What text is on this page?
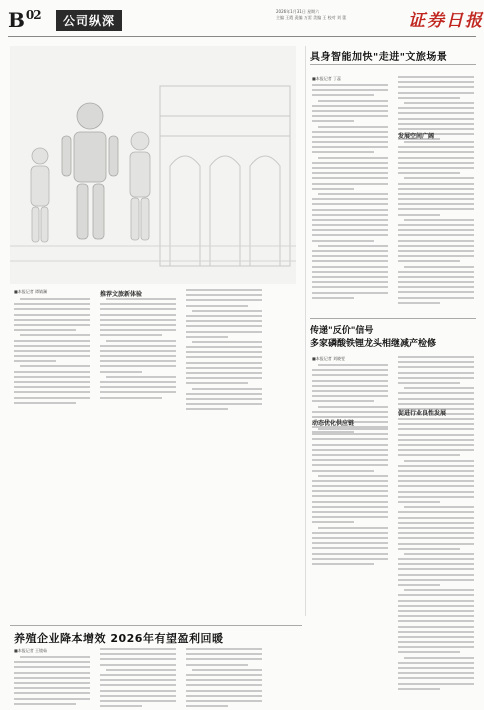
B $^{02}$	公司纵深
2026年1月31日 星期六
主编 王霞 责编 万雷 美编 王 校对 刘 蕾	证券日报
具身智能加快"走进"文旅场景
■本报记者 丁蕊
发展空间广阔
■本报记者 谭婧澜	推荐文旅新体验
传递"反价"信号
多家磷酸铁锂龙头相继减产检修
■本报记者 刘晓雯
动态优化供应链
促进行业良性发展
养殖企业降本增效 2026年有望盈利回暖
■本报记者 王镜茹
